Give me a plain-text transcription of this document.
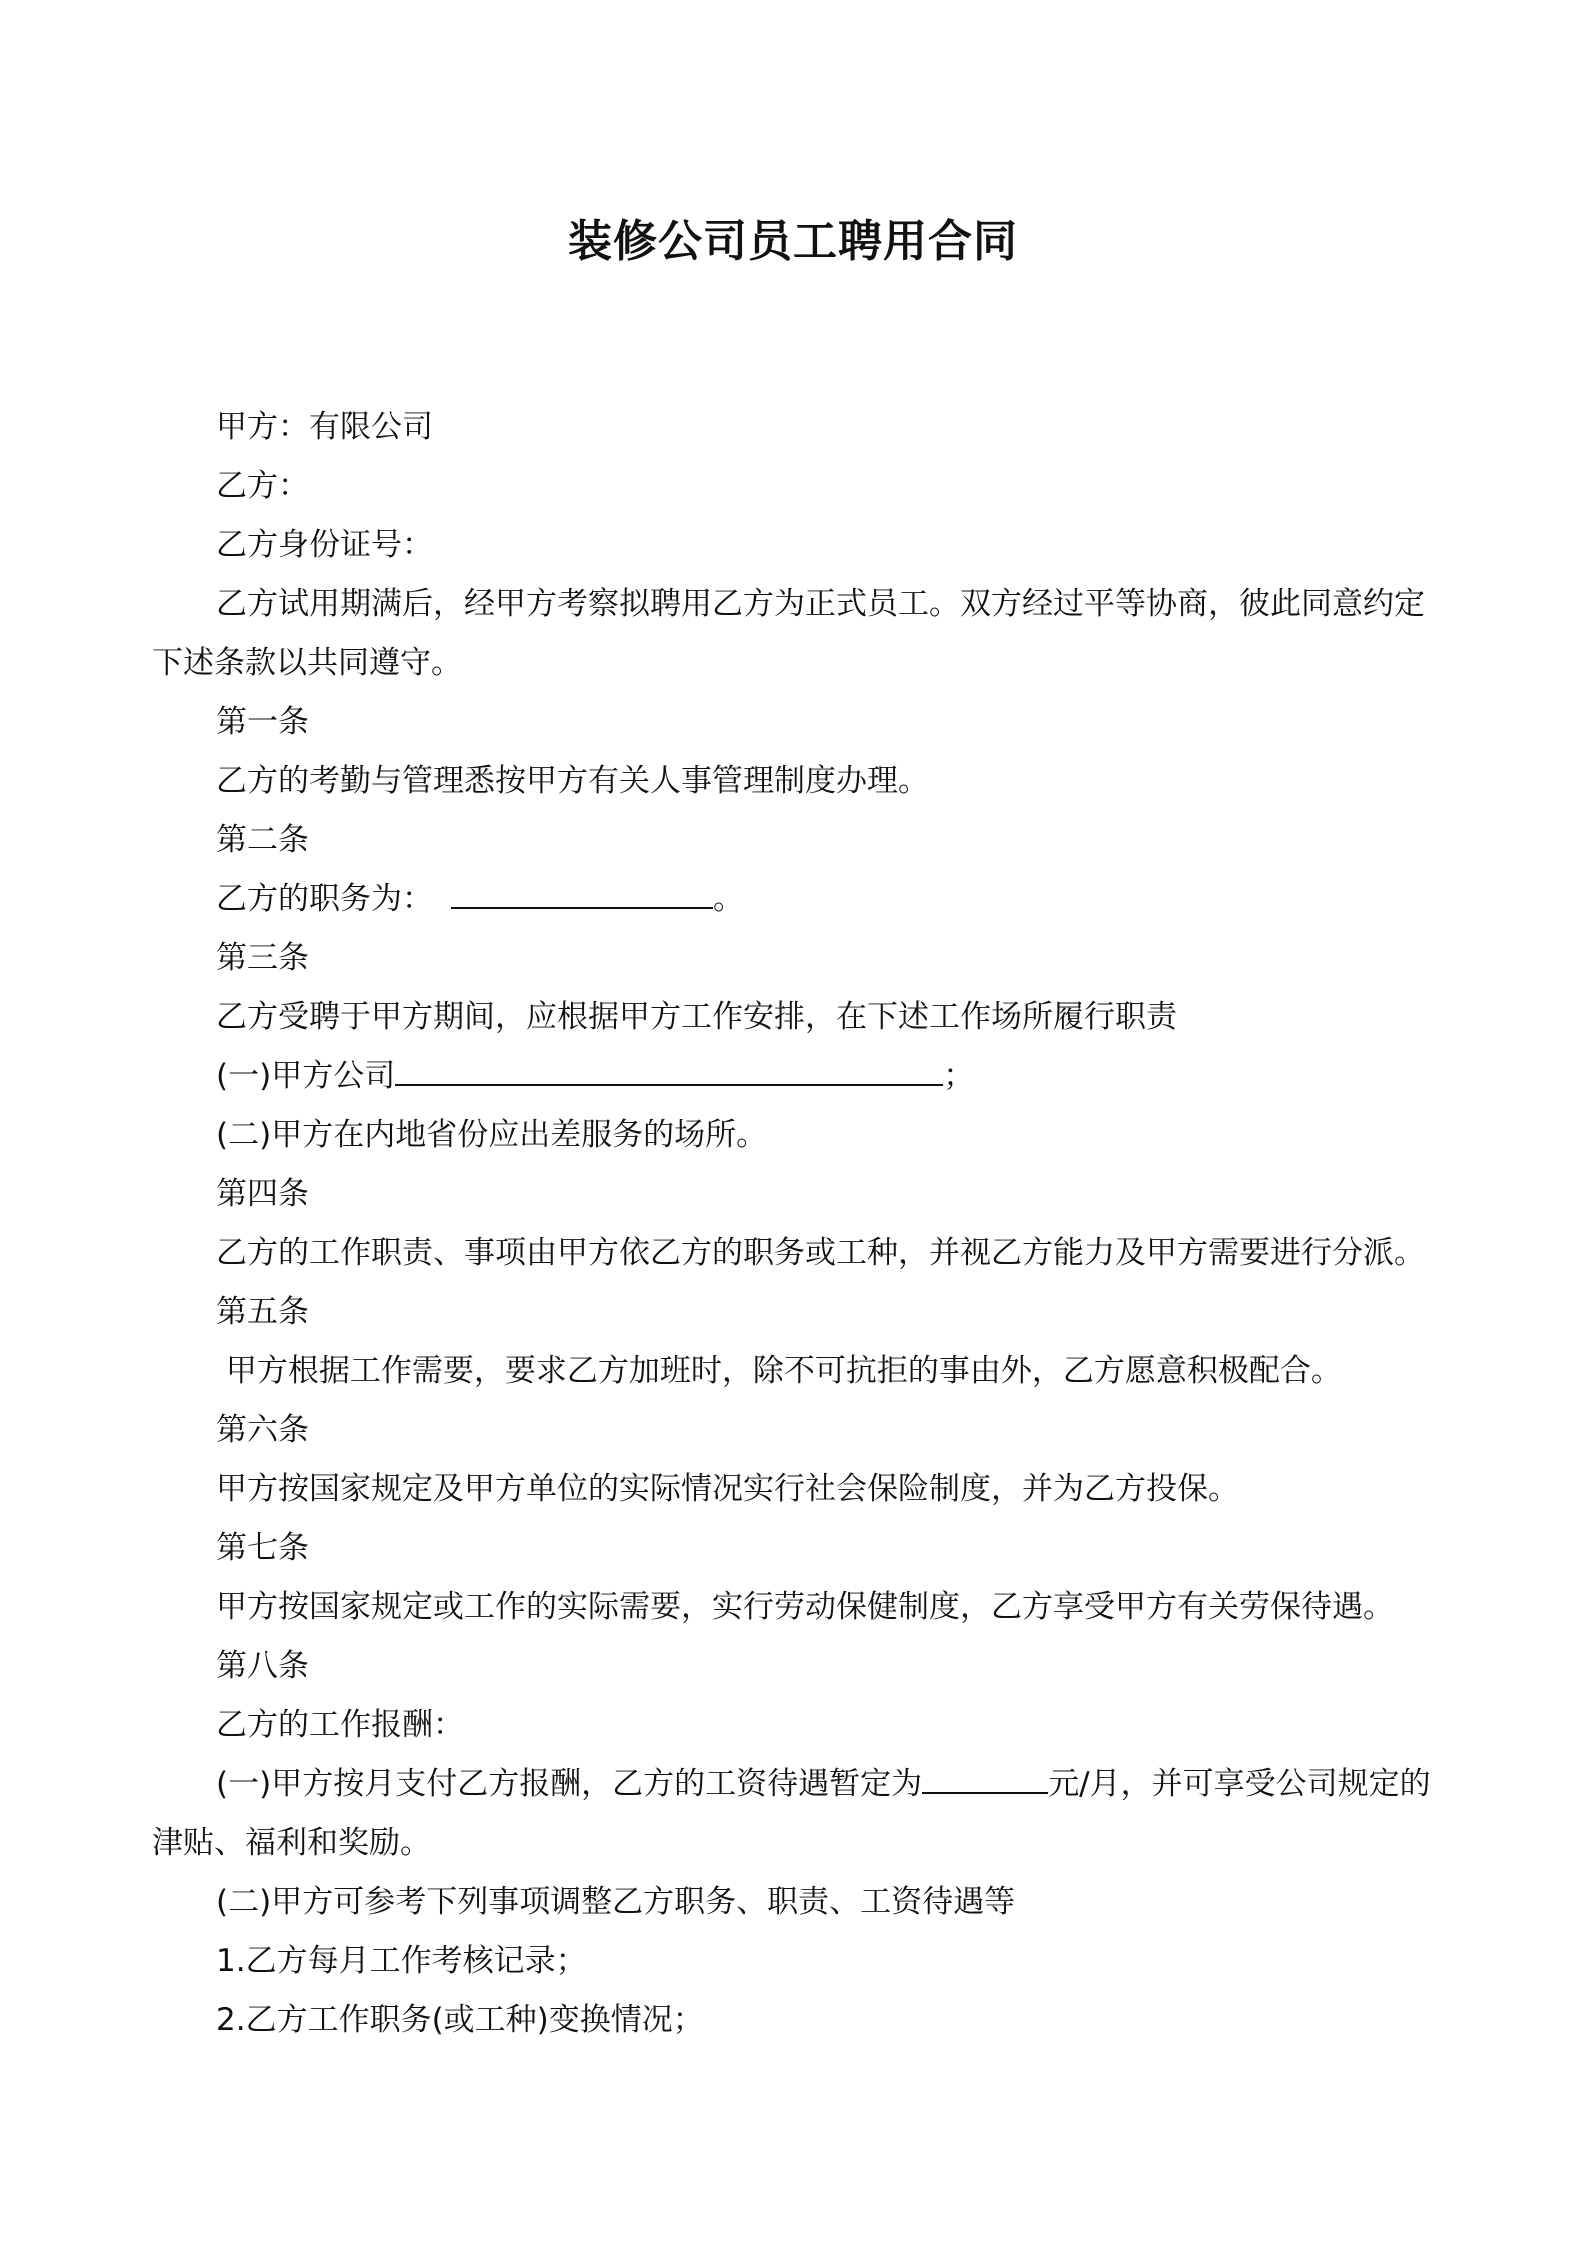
装修公司员工聘用合同

甲方：有限公司

乙方：

乙方身份证号：

乙方试用期满后，经甲方考察拟聘用乙方为正式员工。双方经过平等协商，彼此同意约定下述条款以共同遵守。

第一条

乙方的考勤与管理悉按甲方有关人事管理制度办理。

第二条

乙方的职务为：	。

第三条

乙方受聘于甲方期间，应根据甲方工作安排，在下述工作场所履行职责

(一)甲方公司	；

(二)甲方在内地省份应出差服务的场所。

第四条

乙方的工作职责、事项由甲方依乙方的职务或工种，并视乙方能力及甲方需要进行分派。

第五条

甲方根据工作需要，要求乙方加班时，除不可抗拒的事由外，乙方愿意积极配合。

第六条

甲方按国家规定及甲方单位的实际情况实行社会保险制度，并为乙方投保。

第七条

甲方按国家规定或工作的实际需要，实行劳动保健制度，乙方享受甲方有关劳保待遇。

第八条

乙方的工作报酬：

(一)甲方按月支付乙方报酬，乙方的工资待遇暂定为	元/月，并可享受公司规定的津贴、福利和奖励。

(二)甲方可参考下列事项调整乙方职务、职责、工资待遇等

1.乙方每月工作考核记录；

2.乙方工作职务(或工种)变换情况；
